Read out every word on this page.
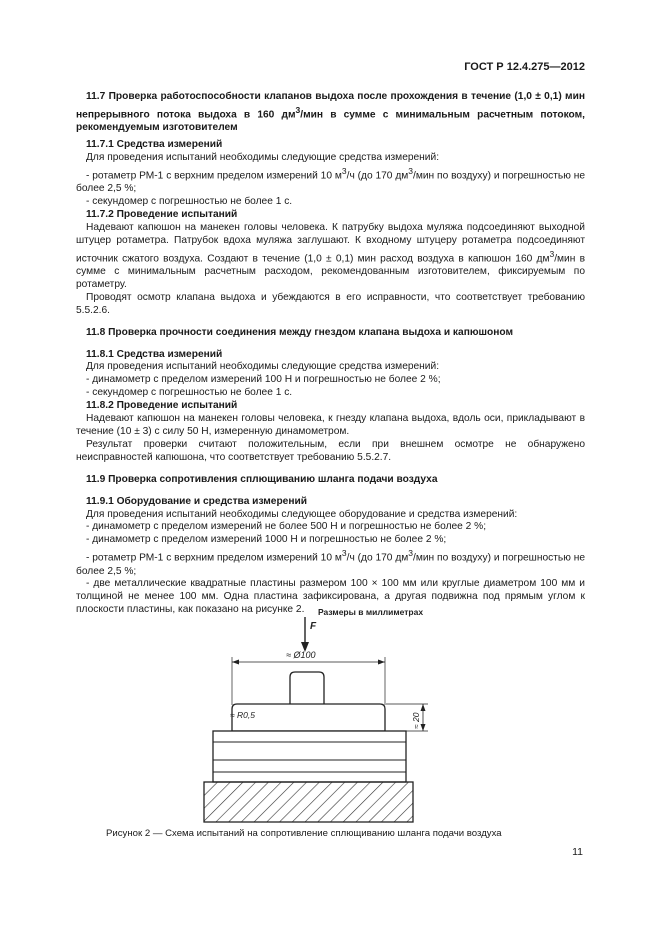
ГОСТ Р 12.4.275—2012

11.7 Проверка работоспособности клапанов выдоха после прохождения в течение (1,0 ± 0,1) мин непрерывного потока выдоха в 160 $дм^3$/мин в сумме с минимальным расчетным потоком, рекомендуемым изготовителем

11.7.1 Средства измерений

Для проведения испытаний необходимы следующие средства измерений:

- ротаметр РМ-1 с верхним пределом измерений 10 $м^3/ч$ (до 170 $дм^3$/мин по воздуху) и погрешностью не более 2,5 %;

- секундомер с погрешностью не более 1 с.

11.7.2 Проведение испытаний

Надевают капюшон на манекен головы человека. К патрубку выдоха муляжа подсоединяют выходной штуцер ротаметра. Патрубок вдоха муляжа заглушают. К входному штуцеру ротаметра подсоединяют источник сжатого воздуха. Создают в течение (1,0 ± 0,1) мин расход воздуха в капюшон 160 $дм^3$/мин в сумме с минимальным расчетным расходом, рекомендованным изготовителем, фиксируемым по ротаметру.

Проводят осмотр клапана выдоха и убеждаются в его исправности, что соответствует требованию 5.5.2.6.

11.8 Проверка прочности соединения между гнездом клапана выдоха и капюшоном

11.8.1 Средства измерений

Для проведения испытаний необходимы следующие средства измерений:

- динамометр с пределом измерений 100 Н и погрешностью не более 2 %;

- секундомер с погрешностью не более 1 с.

11.8.2 Проведение испытаний

Надевают капюшон на манекен головы человека, к гнезду клапана выдоха, вдоль оси, прикладывают в течение (10 ± 3) с силу 50 Н, измеренную динамометром.

Результат проверки считают положительным, если при внешнем осмотре не обнаружено неисправностей капюшона, что соответствует требованию 5.5.2.7.

11.9 Проверка сопротивления сплющиванию шланга подачи воздуха

11.9.1 Оборудование и средства измерений

Для проведения испытаний необходимы следующее оборудование и средства измерений:

- динамометр с пределом измерений не более 500 Н и погрешностью не более 2 %;

- динамометр с пределом измерений 1000 Н и погрешностью не более 2 %;

- ротаметр РМ-1 с верхним пределом измерений 10 $м^3/ч$ (до 170 $дм^3$/мин по воздуху) и погрешностью не более 2,5 %;

- две металлические квадратные пластины размером 100 × 100 мм или круглые диаметром 100 мм и толщиной не менее 100 мм. Одна пластина зафиксирована, а другая подвижна под прямым углом к плоскости пластины, как показано на рисунке 2.	Размеры в миллиметрах
F
≈ Ø100
≈ R0,5	20
≈
Рисунок 2 — Схема испытаний на сопротивление сплющиванию шланга подачи воздуха
11
